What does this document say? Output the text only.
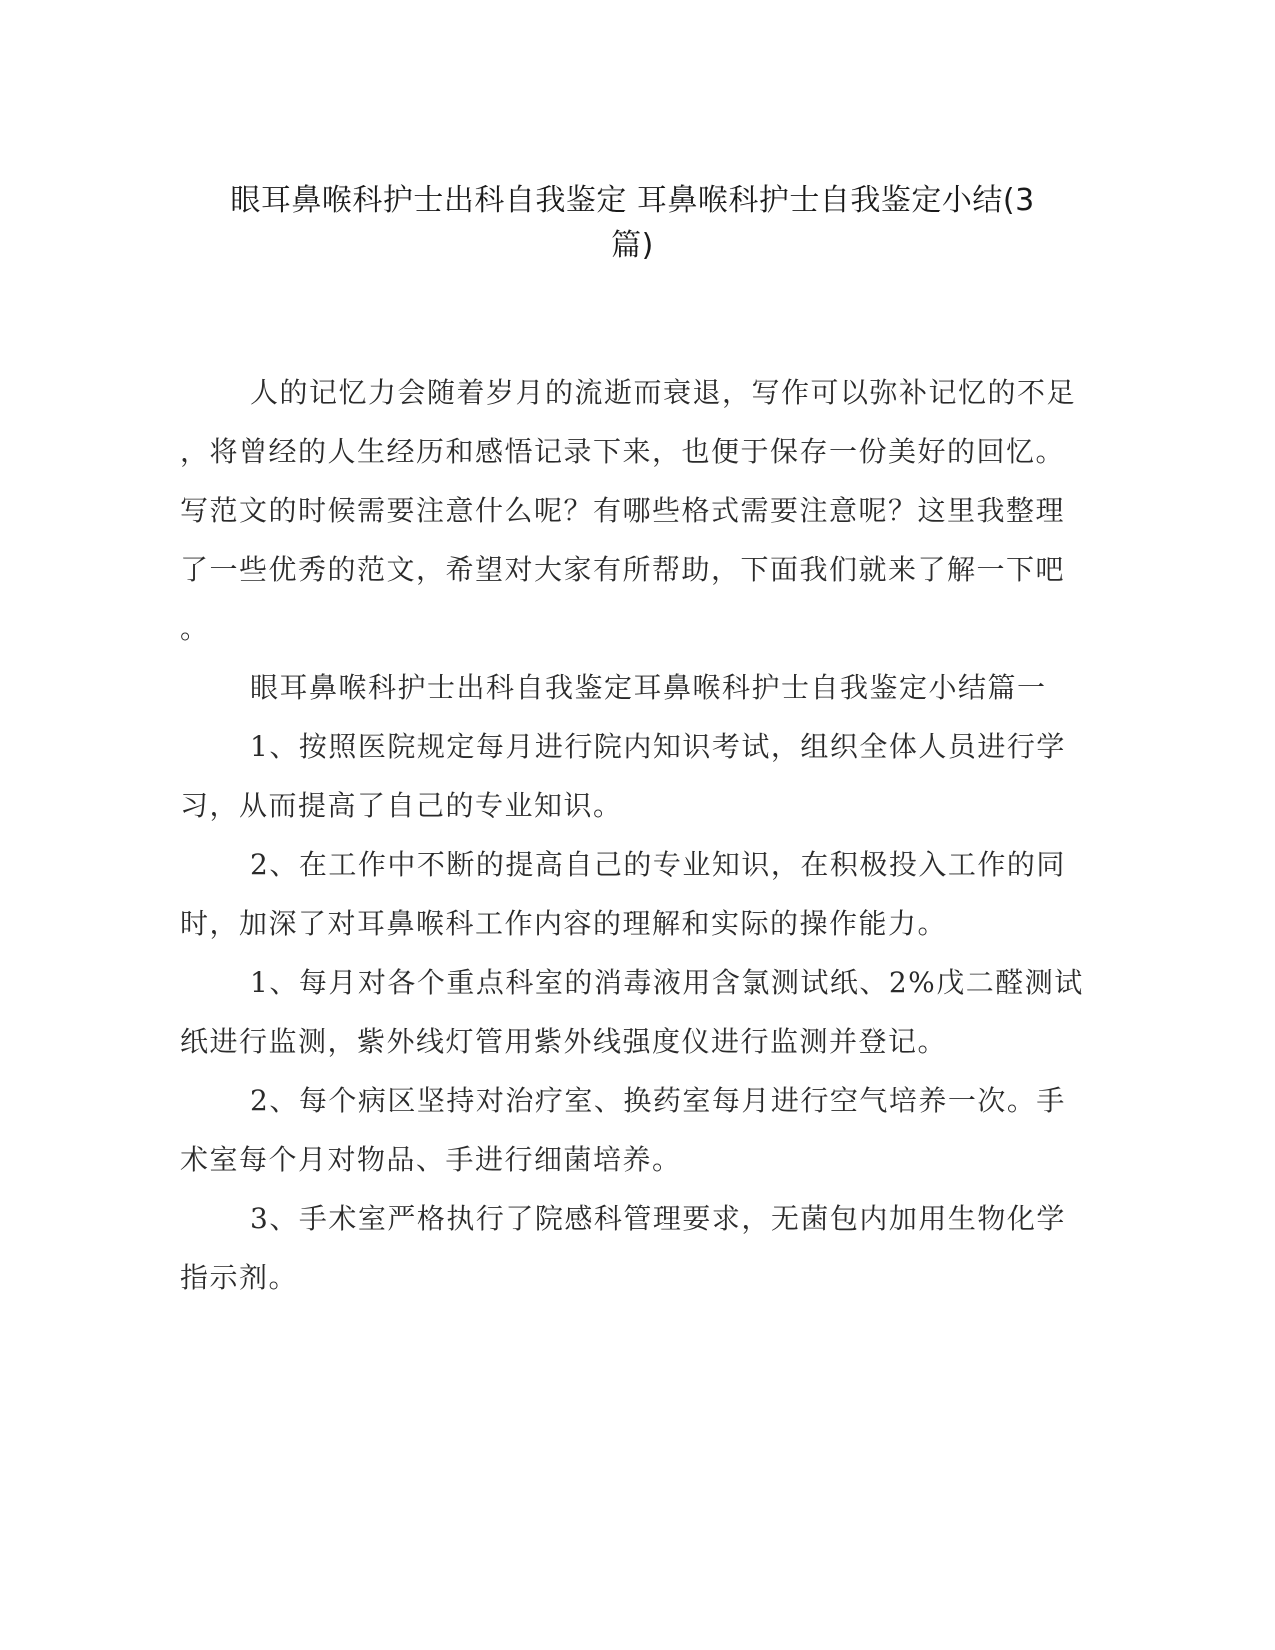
眼耳鼻喉科护士出科自我鉴定 耳鼻喉科护士自我鉴定小结(3
篇)
人的记忆力会随着岁月的流逝而衰退，写作可以弥补记忆的不足
，将曾经的人生经历和感悟记录下来，也便于保存一份美好的回忆。
写范文的时候需要注意什么呢？有哪些格式需要注意呢？这里我整理
了一些优秀的范文，希望对大家有所帮助，下面我们就来了解一下吧
。
眼耳鼻喉科护士出科自我鉴定耳鼻喉科护士自我鉴定小结篇一
1、按照医院规定每月进行院内知识考试，组织全体人员进行学
习，从而提高了自己的专业知识。
2、在工作中不断的提高自己的专业知识，在积极投入工作的同
时，加深了对耳鼻喉科工作内容的理解和实际的操作能力。
1、每月对各个重点科室的消毒液用含氯测试纸、2%戊二醛测试
纸进行监测，紫外线灯管用紫外线强度仪进行监测并登记。
2、每个病区坚持对治疗室、换药室每月进行空气培养一次。手
术室每个月对物品、手进行细菌培养。
3、手术室严格执行了院感科管理要求，无菌包内加用生物化学
指示剂。
